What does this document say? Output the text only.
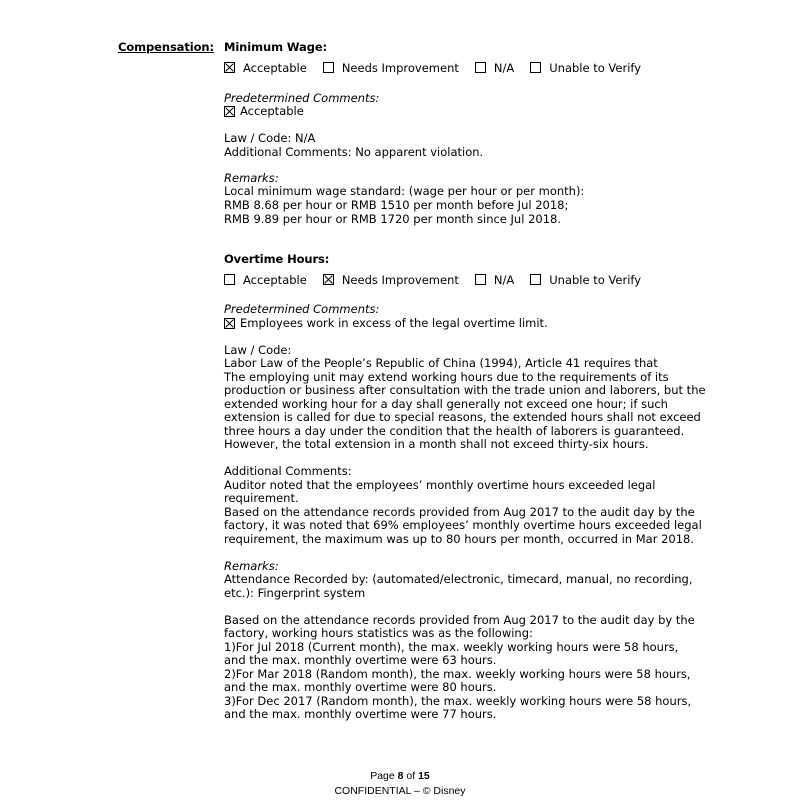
Compensation: Minimum Wage:
Acceptable	Needs Improvement	N/A	Unable to Verify
Predetermined Comments:
Acceptable
Law / Code: N/A
Additional Comments: No apparent violation.
Remarks:
Local minimum wage standard: (wage per hour or per month):
RMB 8.68 per hour or RMB 1510 per month before Jul 2018;
RMB 9.89 per hour or RMB 1720 per month since Jul 2018.
Overtime Hours:
Acceptable	Needs Improvement	N/A	Unable to Verify
Predetermined Comments:
Employees work in excess of the legal overtime limit.
Law / Code:
Labor Law of the People’s Republic of China (1994), Article 41 requires that
The employing unit may extend working hours due to the requirements of its
production or business after consultation with the trade union and laborers, but the
extended working hour for a day shall generally not exceed one hour; if such
extension is called for due to special reasons, the extended hours shall not exceed
three hours a day under the condition that the health of laborers is guaranteed.
However, the total extension in a month shall not exceed thirty-six hours.
Additional Comments:
Auditor noted that the employees’ monthly overtime hours exceeded legal
requirement.
Based on the attendance records provided from Aug 2017 to the audit day by the
factory, it was noted that 69% employees’ monthly overtime hours exceeded legal
requirement, the maximum was up to 80 hours per month, occurred in Mar 2018.
Remarks:
Attendance Recorded by: (automated/electronic, timecard, manual, no recording,
etc.): Fingerprint system
Based on the attendance records provided from Aug 2017 to the audit day by the
factory, working hours statistics was as the following:
1)For Jul 2018 (Current month), the max. weekly working hours were 58 hours,
and the max. monthly overtime were 63 hours.
2)For Mar 2018 (Random month), the max. weekly working hours were 58 hours,
and the max. monthly overtime were 80 hours.
3)For Dec 2017 (Random month), the max. weekly working hours were 58 hours,
and the max. monthly overtime were 77 hours.
Page 8 of 15
CONFIDENTIAL – © Disney
